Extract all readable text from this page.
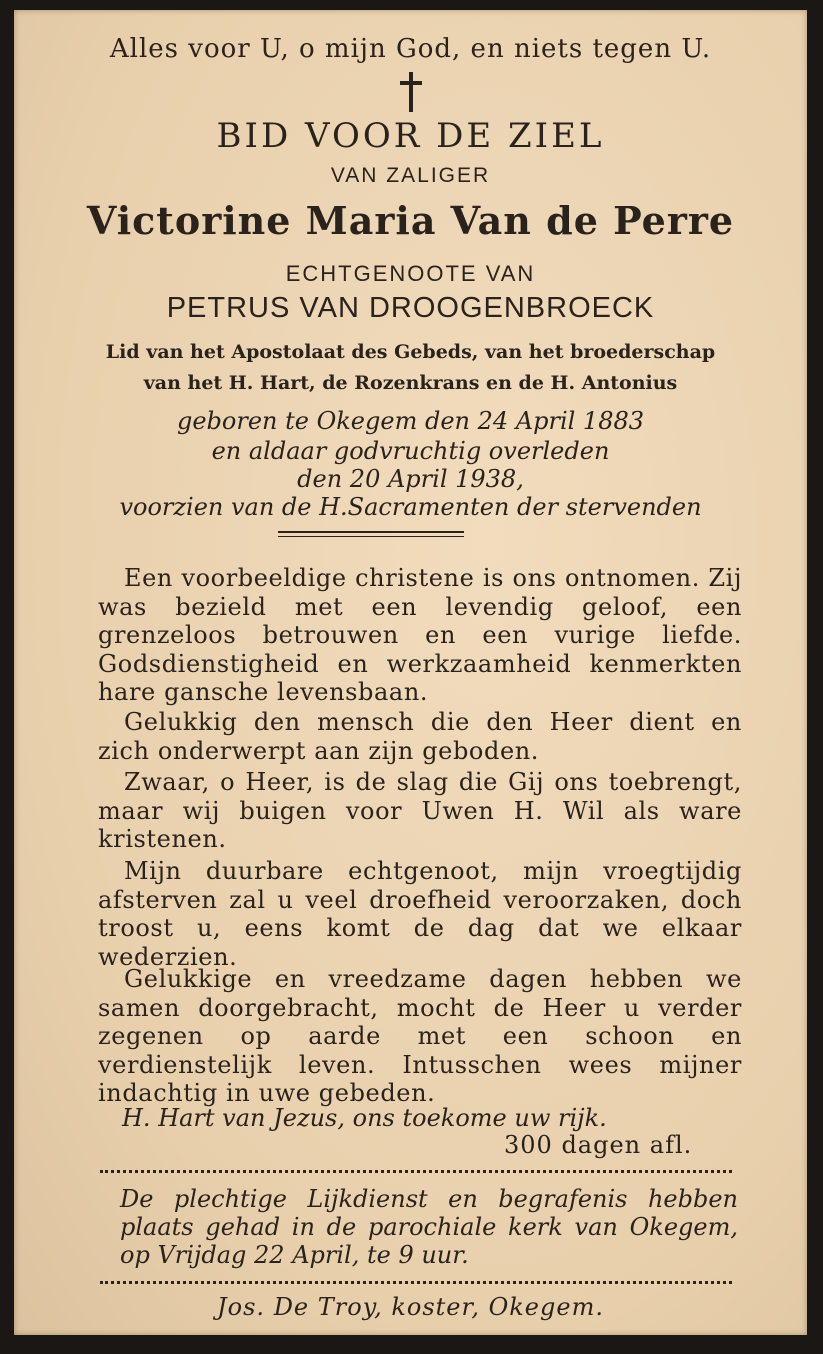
Alles voor U, o mijn God, en niets tegen U.
BID VOOR DE ZIEL
VAN ZALIGER
Victorine Maria Van de Perre
ECHTGENOOTE VAN
PETRUS VAN DROOGENBROECK
Lid van het Apostolaat des Gebeds, van het broederschap
van het H. Hart, de Rozenkrans en de H. Antonius
geboren te Okegem den 24 April 1883
en aldaar godvruchtig overleden
den 20 April 1938,
voorzien van de H.Sacramenten der stervenden

Een voorbeeldige christene is ons ontnomen. Zij was bezield met een levendig geloof, een grenzeloos betrouwen en een vurige liefde. Godsdienstigheid en werkzaamheid kenmerkten hare gansche levensbaan.

Gelukkig den mensch die den Heer dient en zich onderwerpt aan zijn geboden.

Zwaar, o Heer, is de slag die Gij ons toebrengt, maar wij buigen voor Uwen H. Wil als ware kristenen.

Mijn duurbare echtgenoot, mijn vroegtijdig afsterven zal u veel droefheid veroorzaken, doch troost u, eens komt de dag dat we elkaar wederzien.

Gelukkige en vreedzame dagen hebben we samen doorgebracht, mocht de Heer u verder zegenen op aarde met een schoon en verdienstelijk leven. Intusschen wees mijner indachtig in uwe gebeden.

H. Hart van Jezus, ons toekome uw rijk.
300 dagen afl.
De plechtige Lijkdienst en begrafenis hebben plaats gehad in de parochiale kerk van Okegem, op Vrijdag 22 April, te 9 uur.
Jos. De Troy, koster, Okegem.
